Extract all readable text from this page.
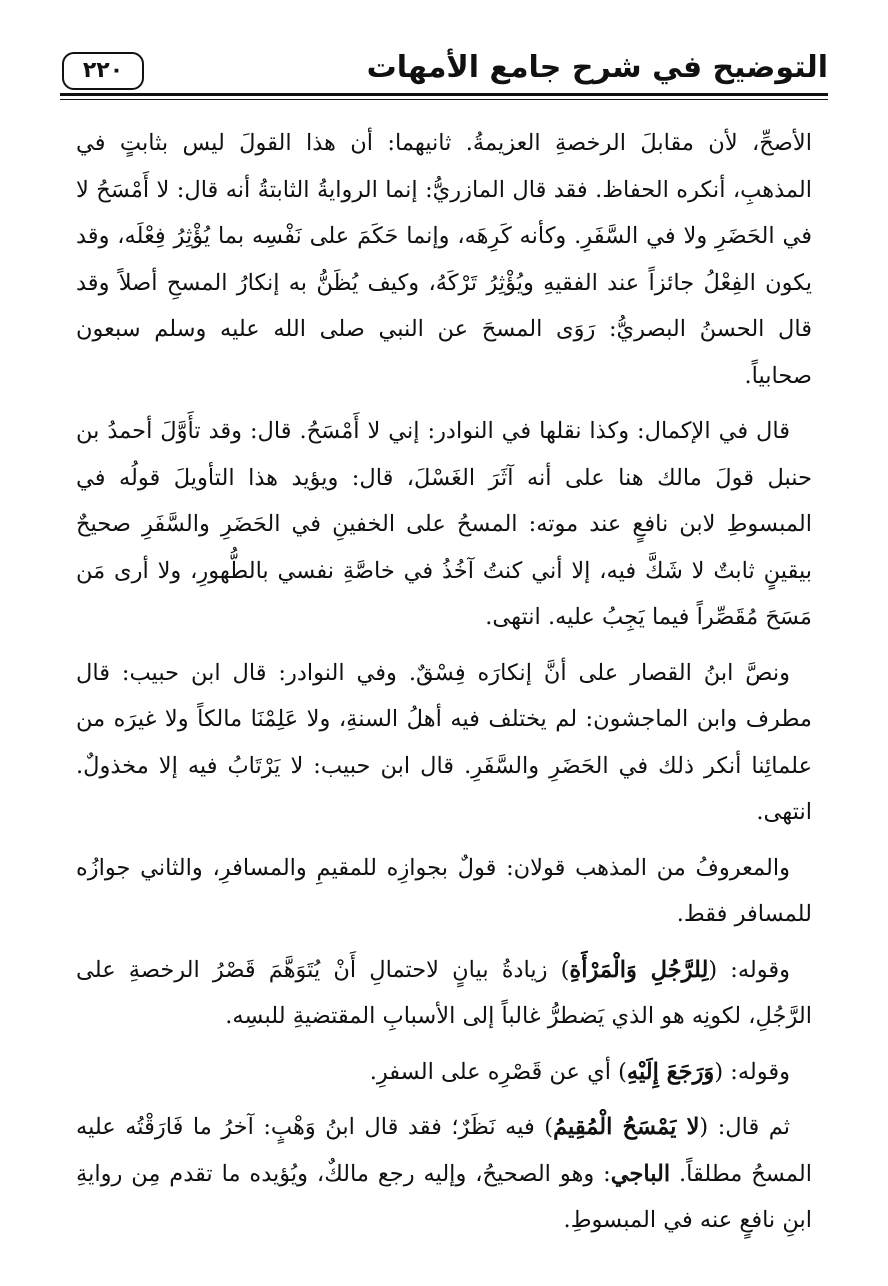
التوضيح في شرح جامع الأمهات
٢٢٠

الأصحِّ، لأن مقابلَ الرخصةِ العزيمةُ. ثانيهما: أن هذا القولَ ليس بثابتٍ في المذهبِ، أنكره الحفاظ. فقد قال المازريُّ: إنما الروايةُ الثابتةُ أنه قال: لا أَمْسَحُ لا في الحَضَرِ ولا في السَّفَرِ. وكأنه كَرِهَه، وإنما حَكَمَ على نَفْسِه بما يُؤْثِرُ فِعْلَه، وقد يكون الفِعْلُ جائزاً عند الفقيهِ ويُؤْثِرُ تَرْكَهُ، وكيف يُظَنُّ به إنكارُ المسحِ أصلاً وقد قال الحسنُ البصريُّ: رَوَى المسحَ عن النبي صلى الله عليه وسلم سبعون صحابياً.

قال في الإكمال: وكذا نقلها في النوادر: إني لا أَمْسَحُ. قال: وقد تأَوَّلَ أحمدُ بن حنبل قولَ مالك هنا على أنه آثَرَ الغَسْلَ، قال: ويؤيد هذا التأويلَ قولُه في المبسوطِ لابن نافعٍ عند موته: المسحُ على الخفينِ في الحَضَرِ والسَّفَرِ صحيحٌ بيقينٍ ثابتٌ لا شَكَّ فيه، إلا أني كنتُ آخُذُ في خاصَّةِ نفسي بالطُّهورِ، ولا أرى مَن مَسَحَ مُقَصِّراً فيما يَجِبُ عليه. انتهى.

ونصَّ ابنُ القصار على أنَّ إنكارَه فِسْقٌ. وفي النوادر: قال ابن حبيب: قال مطرف وابن الماجشون: لم يختلف فيه أهلُ السنةِ، ولا عَلِمْنَا مالكاً ولا غيرَه من علمائِنا أنكر ذلك في الحَضَرِ والسَّفَرِ. قال ابن حبيب: لا يَرْتَابُ فيه إلا مخذولٌ. انتهى.

والمعروفُ من المذهب قولان: قولٌ بجوازِه للمقيمِ والمسافرِ، والثاني جوازُه للمسافر فقط.

وقوله: (لِلرَّجُلِ وَالْمَرْأَةِ) زيادةُ بيانٍ لاحتمالِ أَنْ يُتَوَهَّمَ قَصْرُ الرخصةِ على الرَّجُلِ، لكونِه هو الذي يَضطرُّ غالباً إلى الأسبابِ المقتضيةِ للبسِه.

وقوله: (وَرَجَعَ إِلَيْهِ) أي عن قَصْرِه على السفرِ.

ثم قال: (لا يَمْسَحُ الْمُقِيمُ) فيه نَظَرٌ؛ فقد قال ابنُ وَهْبٍ: آخرُ ما فَارَقْتُه عليه المسحُ مطلقاً. الباجي: وهو الصحيحُ، وإليه رجع مالكٌ، ويُؤيده ما تقدم مِن روايةِ ابنِ نافعٍ عنه في المبسوطِ.
